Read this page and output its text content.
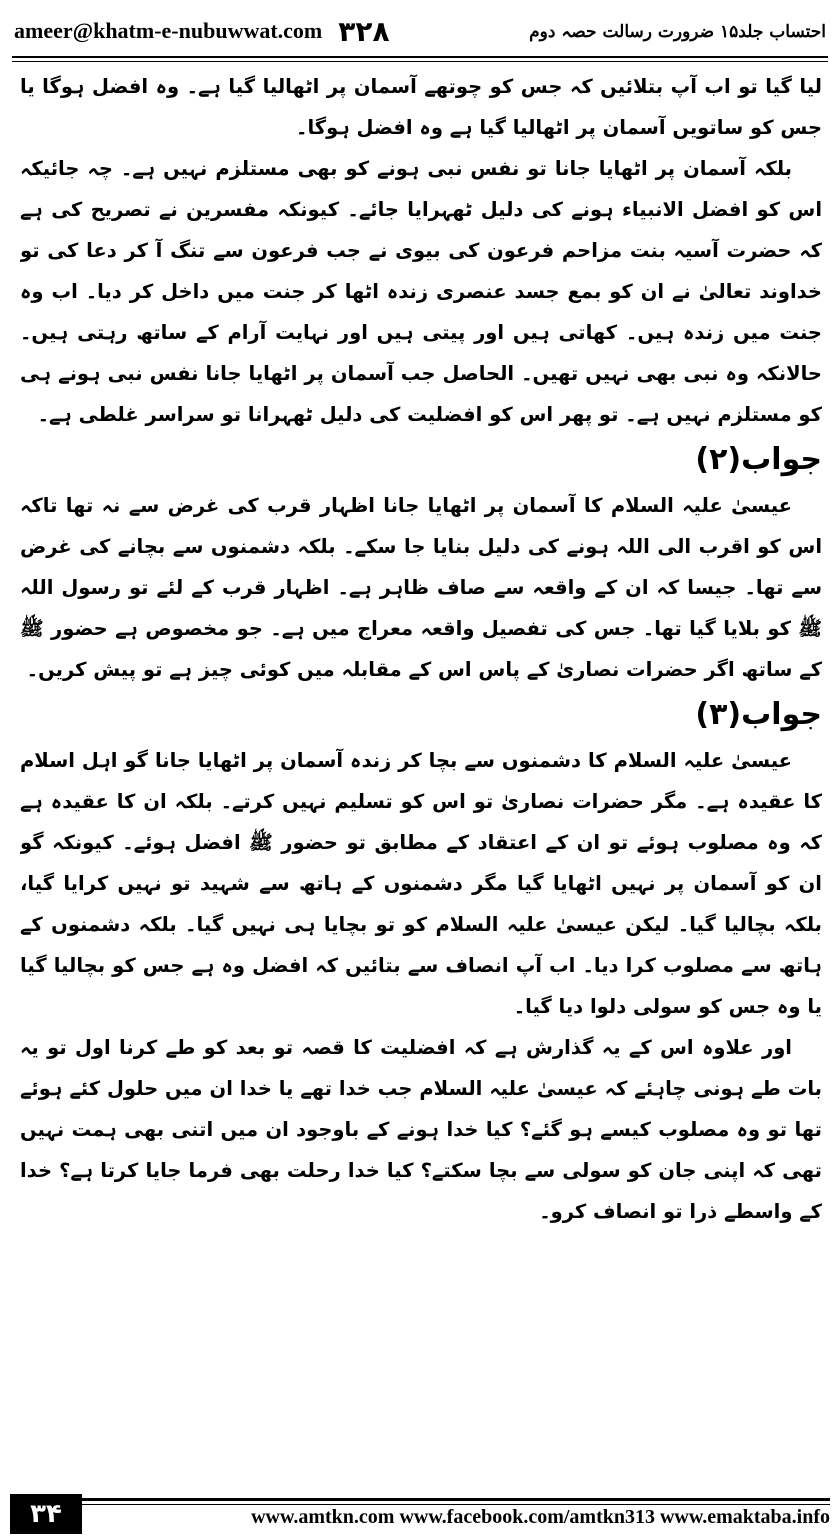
ameer@khatm-e-nubuwwat.com ۳۲۸	احتساب جلد۱۵ ضرورت رسالت حصہ دوم

لیا گیا تو اب آپ بتلائیں کہ جس کو چوتھے آسمان پر اٹھالیا گیا ہے۔ وہ افضل ہوگا یا جس کو ساتویں آسمان پر اٹھالیا گیا ہے وہ افضل ہوگا۔

بلکہ آسمان پر اٹھایا جانا تو نفس نبی ہونے کو بھی مستلزم نہیں ہے۔ چہ جائیکہ اس کو افضل الانبیاء ہونے کی دلیل ٹھہرایا جائے۔ کیونکہ مفسرین نے تصریح کی ہے کہ حضرت آسیہ بنت مزاحم فرعون کی بیوی نے جب فرعون سے تنگ آ کر دعا کی تو خداوند تعالیٰ نے ان کو بمع جسد عنصری زندہ اٹھا کر جنت میں داخل کر دیا۔ اب وہ جنت میں زندہ ہیں۔ کھاتی ہیں اور پیتی ہیں اور نہایت آرام کے ساتھ رہتی ہیں۔ حالانکہ وہ نبی بھی نہیں تھیں۔ الحاصل جب آسمان پر اٹھایا جانا نفس نبی ہونے ہی کو مستلزم نہیں ہے۔ تو پھر اس کو افضلیت کی دلیل ٹھہرانا تو سراسر غلطی ہے۔

جواب(۲)

عیسیٰ علیہ السلام کا آسمان پر اٹھایا جانا اظہار قرب کی غرض سے نہ تھا تاکہ اس کو اقرب الی اللہ ہونے کی دلیل بنایا جا سکے۔ بلکہ دشمنوں سے بچانے کی غرض سے تھا۔ جیسا کہ ان کے واقعہ سے صاف ظاہر ہے۔ اظہار قرب کے لئے تو رسول اللہ ﷺ کو بلایا گیا تھا۔ جس کی تفصیل واقعہ معراج میں ہے۔ جو مخصوص ہے حضور ﷺ کے ساتھ اگر حضرات نصاریٰ کے پاس اس کے مقابلہ میں کوئی چیز ہے تو پیش کریں۔

جواب(۳)

عیسیٰ علیہ السلام کا دشمنوں سے بچا کر زندہ آسمان پر اٹھایا جانا گو اہل اسلام کا عقیدہ ہے۔ مگر حضرات نصاریٰ تو اس کو تسلیم نہیں کرتے۔ بلکہ ان کا عقیدہ ہے کہ وہ مصلوب ہوئے تو ان کے اعتقاد کے مطابق تو حضور ﷺ افضل ہوئے۔ کیونکہ گو ان کو آسمان پر نہیں اٹھایا گیا مگر دشمنوں کے ہاتھ سے شہید تو نہیں کرایا گیا، بلکہ بچالیا گیا۔ لیکن عیسیٰ علیہ السلام کو تو بچایا ہی نہیں گیا۔ بلکہ دشمنوں کے ہاتھ سے مصلوب کرا دیا۔ اب آپ انصاف سے بتائیں کہ افضل وہ ہے جس کو بچالیا گیا یا وہ جس کو سولی دلوا دیا گیا۔

اور علاوہ اس کے یہ گذارش ہے کہ افضلیت کا قصہ تو بعد کو طے کرنا اول تو یہ بات طے ہونی چاہئے کہ عیسیٰ علیہ السلام جب خدا تھے یا خدا ان میں حلول کئے ہوئے تھا تو وہ مصلوب کیسے ہو گئے؟ کیا خدا ہونے کے باوجود ان میں اتنی بھی ہمت نہیں تھی کہ اپنی جان کو سولی سے بچا سکتے؟ کیا خدا رحلت بھی فرما جایا کرتا ہے؟ خدا کے واسطے ذرا تو انصاف کرو۔

۳۴	www.amtkn.com www.facebook.com/amtkn313 www.emaktaba.info
